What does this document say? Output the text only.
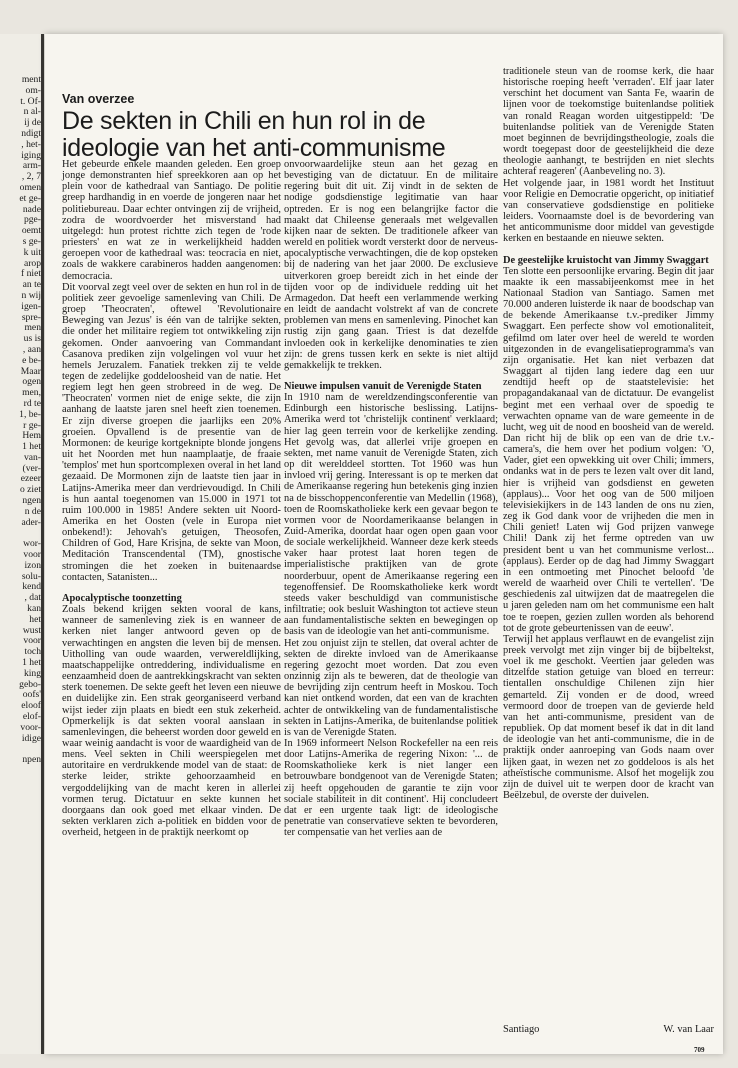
ment
om-
t. Of-
n al-
ij de
ndigt
, het-
iging
arm-
, 2, 7
omen
et ge-
nade
pge-
oemt
s ge-
k uit
arop
f niet
an te
n wij
igen-
spre-
men
us is
, aan
e be-
Maar
ogen
men,
rd te
1, be-
r ge-
Hem
1 het
van-
(ver-
ezeer
o ziet
ngen
n de
ader-

wor-
voor
izon
solu-
kend
, dat
kan
het
wust
voor
toch
1 het
king
gebo-
oofs'
eloof
elof-
voor-
idige

npen
Van overzee
De sekten in Chili en hun rol in de ideologie van het anti-communisme

Het gebeurde enkele maanden geleden. Een groep jonge demonstranten hief spreekkoren aan op het plein voor de kathedraal van Santiago. De politie greep hardhandig in en voerde de jongeren naar het politiebureau. Daar echter ontvingen zij de vrijheid, zodra de woordvoerder het misverstand had uitgelegd: hun protest richtte zich tegen de 'rode priesters' en wat ze in werkelijkheid hadden geroepen voor de kathedraal was: teocracia en niet, zoals de wakkere carabineros hadden aangenomen: democracia.

Dit voorval zegt veel over de sekten en hun rol in de politiek zeer gevoelige samenleving van Chili. De groep 'Theocraten', oftewel 'Revolutionaire Beweging van Jezus' is één van de talrijke sekten, die onder het militaire regiem tot ontwikkeling zijn gekomen. Onder aanvoering van Commandant Casanova prediken zijn volgelingen vol vuur het hemels Jeruzalem. Fanatiek trekken zij te velde tegen de zedelijke goddeloosheid van de natie. Het regiem legt hen geen strobreed in de weg. De 'Theocraten' vormen niet de enige sekte, die zijn aanhang de laatste jaren snel heeft zien toenemen. Er zijn diverse groepen die jaarlijks een 20% groeien. Opvallend is de presentie van de Mormonen: de keurige kortgeknipte blonde jongens uit het Noorden met hun naamplaatje, de fraaie 'templos' met hun sportcomplexen overal in het land gezaaid. De Mormonen zijn de laatste tien jaar in Latijns-Amerika meer dan verdrievoudigd. In Chili is hun aantal toegenomen van 15.000 in 1971 tot ruim 100.000 in 1985! Andere sekten uit Noord-Amerika en het Oosten (vele in Europa niet onbekend!): Jehovah's getuigen, Theosofen, Children of God, Hare Krisjna, de sekte van Moon, Meditación Transcendental (TM), gnostische stromingen die het zoeken in buitenaardse contacten, Satanisten...

Apocalyptische toonzetting

Zoals bekend krijgen sekten vooral de kans, wanneer de samenleving ziek is en wanneer de kerken niet langer antwoord geven op de verwachtingen en angsten die leven bij de mensen. Uitholling van oude waarden, verwereldlijking, maatschappelijke ontreddering, individualisme en eenzaamheid doen de aantrekkingskracht van sekten sterk toenemen. De sekte geeft het leven een nieuwe en duidelijke zin. Een strak georganiseerd verband wijst ieder zijn plaats en biedt een stuk zekerheid. Opmerkelijk is dat sekten vooral aanslaan in samenlevingen, die beheerst worden door geweld en waar weinig aandacht is voor de waardigheid van de mens. Veel sekten in Chili weerspiegelen met autoritaire en verdrukkende model van de staat: de sterke leider, strikte gehoorzaamheid en vergoddelijking van de macht keren in allerlei vormen terug. Dictatuur en sekte kunnen het doorgaans dan ook goed met elkaar vinden. De sekten verklaren zich a-politiek en bidden voor de overheid, hetgeen in de praktijk neerkomt op

onvoorwaardelijke steun aan het gezag en bevestiging van de dictatuur. En de militaire regering buit dit uit. Zij vindt in de sekten de nodige godsdienstige legitimatie van haar optreden. Er is nog een belangrijke factor die maakt dat Chileense generaals met welgevallen kijken naar de sekten. De traditionele afkeer van wereld en politiek wordt versterkt door de nerveus-apocalyptische verwachtingen, die de kop opsteken bij de nadering van het jaar 2000. De exclusieve uitverkoren groep bereidt zich in het einde der tijden voor op de individuele redding uit het Armagedon. Dat heeft een verlammende werking en leidt de aandacht volstrekt af van de concrete problemen van mens en samenleving. Pinochet kan rustig zijn gang gaan. Triest is dat dezelfde invloeden ook in kerkelijke denominaties te zien zijn: de grens tussen kerk en sekte is niet altijd gemakkelijk te trekken.

Nieuwe impulsen vanuit de Verenigde Staten

In 1910 nam de wereldzendingsconferentie van Edinburgh een historische beslissing. Latijns-Amerika werd tot 'christelijk continent' verklaard; hier lag geen terrein voor de kerkelijke zending. Het gevolg was, dat allerlei vrije groepen en sekten, met name vanuit de Verenigde Staten, zich op dit werelddeel stortten. Tot 1960 was hun invloed vrij gering. Interessant is op te merken dat de Amerikaanse regering hun betekenis ging inzien na de bisschoppenconferentie van Medellin (1968), toen de Roomskatholieke kerk een gevaar begon te vormen voor de Noordamerikaanse belangen in Zuid-Amerika, doordat haar ogen open gaan voor de sociale werkelijkheid. Wanneer deze kerk steeds vaker haar protest laat horen tegen de imperialistische praktijken van de grote noorderbuur, opent de Amerikaanse regering een tegenoffensief. De Roomskatholieke kerk wordt steeds vaker beschuldigd van communistische infiltratie; ook besluit Washington tot actieve steun aan fundamentalistische sekten en bewegingen op basis van de ideologie van het anti-communisme.

Het zou onjuist zijn te stellen, dat overal achter de sekten de direkte invloed van de Amerikaanse regering gezocht moet worden. Dat zou even onzinnig zijn als te beweren, dat de theologie van de bevrijding zijn centrum heeft in Moskou. Toch kan niet ontkend worden, dat een van de krachten achter de ontwikkeling van de fundamentalistische sekten in Latijns-Amerika, de buitenlandse politiek is van de Verenigde Staten.

In 1969 informeert Nelson Rockefeller na een reis door Latijns-Amerika de regering Nixon: '... de Roomskatholieke kerk is niet langer een betrouwbare bondgenoot van de Verenigde Staten; zij heeft opgehouden de garantie te zijn voor sociale stabiliteit in dit continent'. Hij concludeert dat er een urgente taak ligt: de ideologische penetratie van conservatieve sekten te bevorderen, ter compensatie van het verlies aan de

traditionele steun van de roomse kerk, die haar historische roeping heeft 'verraden'. Elf jaar later verschint het document van Santa Fe, waarin de lijnen voor de toekomstige buitenlandse politiek van ronald Reagan worden uitgestippeld: 'De buitenlandse politiek van de Verenigde Staten moet beginnen de bevrijdingstheologie, zoals die wordt toegepast door de geestelijkheid die deze theologie aanhangt, te bestrijden en niet slechts achteraf reageren' (Aanbeveling no. 3).

Het volgende jaar, in 1981 wordt het Instituut voor Religie en Democratie opgericht, op initiatief van conservatieve godsdienstige en politieke leiders. Voornaamste doel is de bevordering van het anticommunisme door middel van gevestigde kerken en bestaande en nieuwe sekten.

De geestelijke kruistocht van Jimmy Swaggart

Ten slotte een persoonlijke ervaring. Begin dit jaar maakte ik een massabijeenkomst mee in het Nationaal Stadion van Santiago. Samen met 70.000 anderen luisterde ik naar de boodschap van de bekende Amerikaanse t.v.-prediker Jimmy Swaggart. Een perfecte show vol emotionaliteit, gefilmd om later over heel de wereld te worden uitgezonden in de evangelisatieprogramma's van zijn organisatie. Het kan niet verbazen dat Swaggart al tijden lang iedere dag een uur zendtijd heeft op de staatstelevisie: het propagandakanaal van de dictatuur. De evangelist begint met een verhaal over de spoedig te verwachten opname van de ware gemeente in de lucht, weg uit de nood en boosheid van de wereld. Dan richt hij de blik op een van de drie t.v.-camera's, die hem over het podium volgen: 'O, Vader, giet een opwekking uit over Chili; immers, ondanks wat in de pers te lezen valt over dit land, hier is vrijheid van godsdienst en geweten (applaus)... Voor het oog van de 500 miljoen televisiekijkers in de 143 landen de ons nu zien, zeg ik God dank voor de vrijheden die men in Chili geniet! Laten wij God prijzen vanwege Chili! Dank zij het ferme optreden van uw president bent u van het communisme verlost... (applaus). Eerder op de dag had Jimmy Swaggart in een ontmoeting met Pinochet beloofd 'de wereld de waarheid over Chili te vertellen'. 'De geschiedenis zal uitwijzen dat de maatregelen die u jaren geleden nam om het communisme een halt toe te roepen, gezien zullen worden als behorend tot de grote gebeurtenissen van de eeuw'.

Terwijl het applaus verflauwt en de evangelist zijn preek vervolgt met zijn vinger bij de bijbeltekst, voel ik me geschokt. Veertien jaar geleden was ditzelfde station getuige van bloed en terreur: tientallen onschuldige Chilenen zijn hier gemarteld. Zij vonden er de dood, wreed vermoord door de troepen van de gevierde held van het anti-communisme, president van de republiek. Op dat moment besef ik dat in dit land de ideologie van het anti-communisme, die in de praktijk onder aanroeping van Gods naam over lijken gaat, in wezen net zo goddeloos is als het atheïstische communisme. Alsof het mogelijk zou zijn de duivel uit te werpen door de kracht van Beëlzebul, de overste der duivelen.

Santiago	W. van Laar
709
